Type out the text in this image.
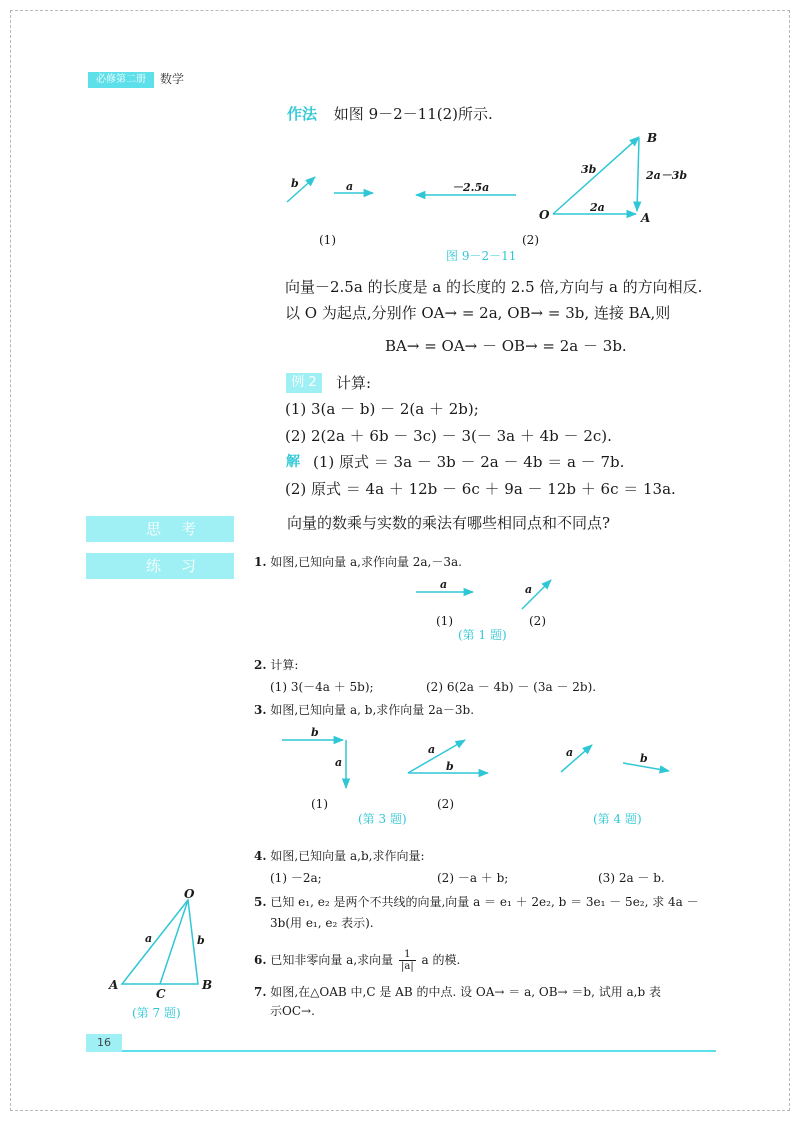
必修第二册	数学
作法 如图 9－2－11(2)所示.
b	a	－2.5a
3b	2a－3b
2a
O	A
B
(1)	(2)
图 9－2－11
向量－2.5a 的长度是 a 的长度的 2.5 倍,方向与 a 的方向相反.
以 O 为起点,分别作 OA→ = 2a, OB→ = 3b, 连接 BA,则
BA→ = OA→ － OB→ = 2a － 3b.
例 2	计算:
(1) 3(a － b) － 2(a ＋ 2b);
(2) 2(2a ＋ 6b － 3c) － 3(－ 3a ＋ 4b － 2c).
解 (1) 原式 ＝ 3a － 3b － 2a － 4b ＝ a － 7b.
(2) 原式 ＝ 4a ＋ 12b － 6c ＋ 9a － 12b ＋ 6c ＝ 13a.
思考	向量的数乘与实数的乘法有哪些相同点和不同点?
练习	1. 如图,已知向量 a,求作向量 2a,－3a.
a	a
(1)	(2)
(第 1 题)
2. 计算:
(1) 3(－4a ＋ 5b);	(2) 6(2a － 4b) － (3a － 2b).
3. 如图,已知向量 a, b,求作向量 2a－3b.
b
a
a
b
(1)	(2)
(第 3 题)
a	b
(第 4 题)
4. 如图,已知向量 a,b,求作向量:
(1) －2a;	(2) －a ＋ b;	(3) 2a － b.
5. 已知 e₁, e₂ 是两个不共线的向量,向量 a ＝ e₁ ＋ 2e₂, b ＝ 3e₁ － 5e₂, 求 4a －
3b(用 e₁, e₂ 表示).
6. 已知非零向量 a,求向量 $\frac{1}{|a|}$ a 的模.
7. 如图,在△OAB 中,C 是 AB 的中点. 设 OA→ ＝ a, OB→ ＝b, 试用 a,b 表
示OC→.
O
A	B
C
a	b
(第 7 题)
16
